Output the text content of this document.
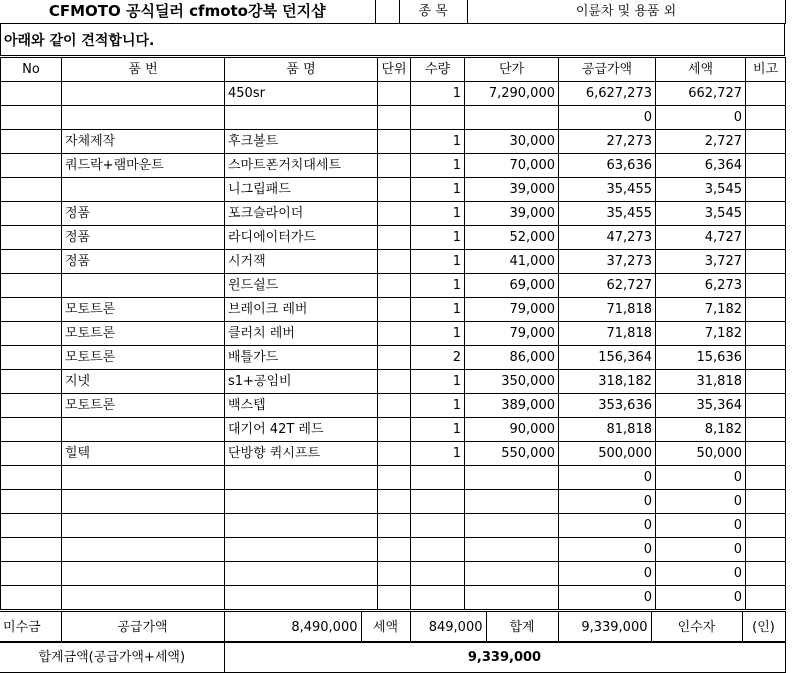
CFMOTO 공식딜러 cfmoto강북 던지샵		종 목	이륜차 및 용품 외	
아래와 같이 견적합니다.
No	품 번	품 명	단위	수량	단가	공급가액	세액	비고
		450sr		1	7,290,000	6,627,273	662,727	
						0	0	
	자체제작	후크볼트		1	30,000	27,273	2,727	
	쿼드락+램마운트	스마트폰거치대세트		1	70,000	63,636	6,364	
		니그립패드		1	39,000	35,455	3,545	
	정품	포크슬라이더		1	39,000	35,455	3,545	
	정품	라디에이터가드		1	52,000	47,273	4,727	
	정품	시거잭		1	41,000	37,273	3,727	
		윈드쉴드		1	69,000	62,727	6,273	
	모토트론	브레이크 레버		1	79,000	71,818	7,182	
	모토트론	클러치 레버		1	79,000	71,818	7,182	
	모토트론	배틀가드		2	86,000	156,364	15,636	
	지넷	s1+공임비		1	350,000	318,182	31,818	
	모토트론	백스텝		1	389,000	353,636	35,364	
		대기어 42T 레드		1	90,000	81,818	8,182	
	힐텍	단방향 퀵시프트		1	550,000	500,000	50,000	
						0	0	
						0	0	
						0	0	
						0	0	
						0	0	
						0	0	
미수금	공급가액	8,490,000	세액	849,000	합계	9,339,000	인수자	(인)
합계금액(공급가액+세액)	9,339,000
